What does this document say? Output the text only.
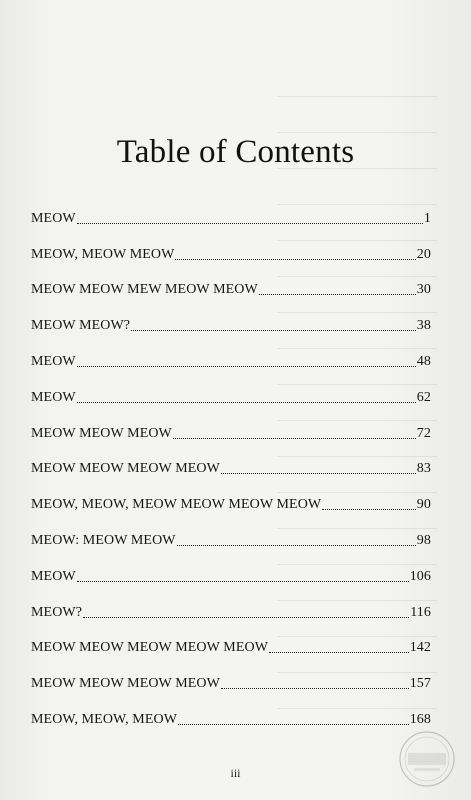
Table of Contents
MEOW	1
MEOW, MEOW MEOW	20
MEOW MEOW MEW MEOW MEOW	30
MEOW MEOW?	38
MEOW	48
MEOW	62
MEOW MEOW MEOW	72
MEOW MEOW MEOW MEOW	83
MEOW, MEOW, MEOW MEOW MEOW MEOW	90
MEOW: MEOW MEOW	98
MEOW	106
MEOW?	116
MEOW MEOW MEOW MEOW MEOW	142
MEOW MEOW MEOW MEOW	157
MEOW, MEOW, MEOW	168
iii
